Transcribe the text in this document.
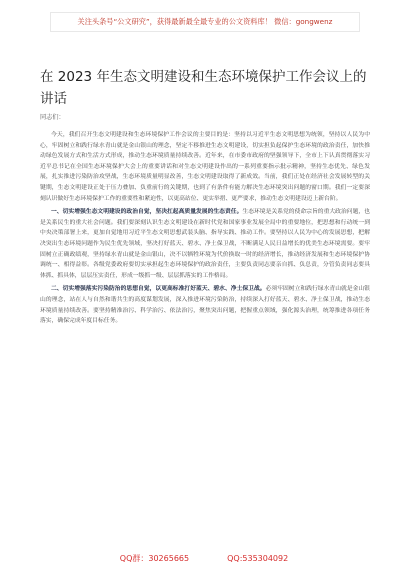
关注头条号“公文研究”，获得最新最全最专业的公文资料库！ 微信：gongwenz
在 2023 年生态文明建设和生态环境保护工作会议上的讲话
同志们：

今天，我们召开生态文明建设和生态环境保护工作会议的主要目的是：坚持以习近平生态文明思想为统领，坚持以人民为中心，牢固树立和践行绿水青山就是金山银山的理念，坚定不移推进生态文明建设，切实担负起保护生态环境的政治责任，加快推动绿色发展方式和生活方式形成，推动生态环境质量持续改善。近年来，在市委市政府的坚强领导下，全市上下认真贯彻落实习近平总书记在全国生态环境保护大会上的重要讲话和对生态文明建设作出的一系列重要指示批示精神，坚持生态优先、绿色发展，扎实推进污染防治攻坚战，生态环境质量明显改善，生态文明建设取得了新成效。当前，我们正处在经济社会发展转型的关键期，生态文明建设正处于压力叠加、负重前行的关键期，也到了有条件有能力解决生态环境突出问题的窗口期。我们一定要深刻认识做好生态环境保护工作的重要性和紧迫性，以更高站位、更实举措、更严要求，推动生态文明建设迈上新台阶。

一、切实增强生态文明建设的政治自觉，坚决扛起高质量发展的生态责任。生态环境是关系党的使命宗旨的重大政治问题，也是关系民生的重大社会问题。我们要深刻认识生态文明建设在新时代党和国家事业发展全局中的重要地位，把思想和行动统一到中央决策部署上来，更加自觉地用习近平生态文明思想武装头脑、指导实践、推动工作。要坚持以人民为中心的发展思想，把解决突出生态环境问题作为民生优先领域，坚决打好蓝天、碧水、净土保卫战，不断满足人民日益增长的优美生态环境需要。要牢固树立正确政绩观，坚持绿水青山就是金山银山，决不以牺牲环境为代价换取一时的经济增长，推动经济发展和生态环境保护协调统一、相得益彰。各级党委政府要切实承担起生态环境保护的政治责任，主要负责同志要亲自抓、负总责，分管负责同志要具体抓、抓具体，层层压实责任，形成一级抓一级、层层抓落实的工作格局。

二、切实增强落实污染防治的思想自觉，以更高标准打好蓝天、碧水、净土保卫战。必须牢固树立和践行绿水青山就是金山银山的理念，站在人与自然和谐共生的高度谋划发展，深入推进环境污染防治，持续深入打好蓝天、碧水、净土保卫战，推动生态环境质量持续改善。要坚持精准治污、科学治污、依法治污，聚焦突出问题，把握重点领域，强化源头治理，统筹推进各项任务落实，确保完成年度目标任务。

QQ群：30265665	QQ:535304092
